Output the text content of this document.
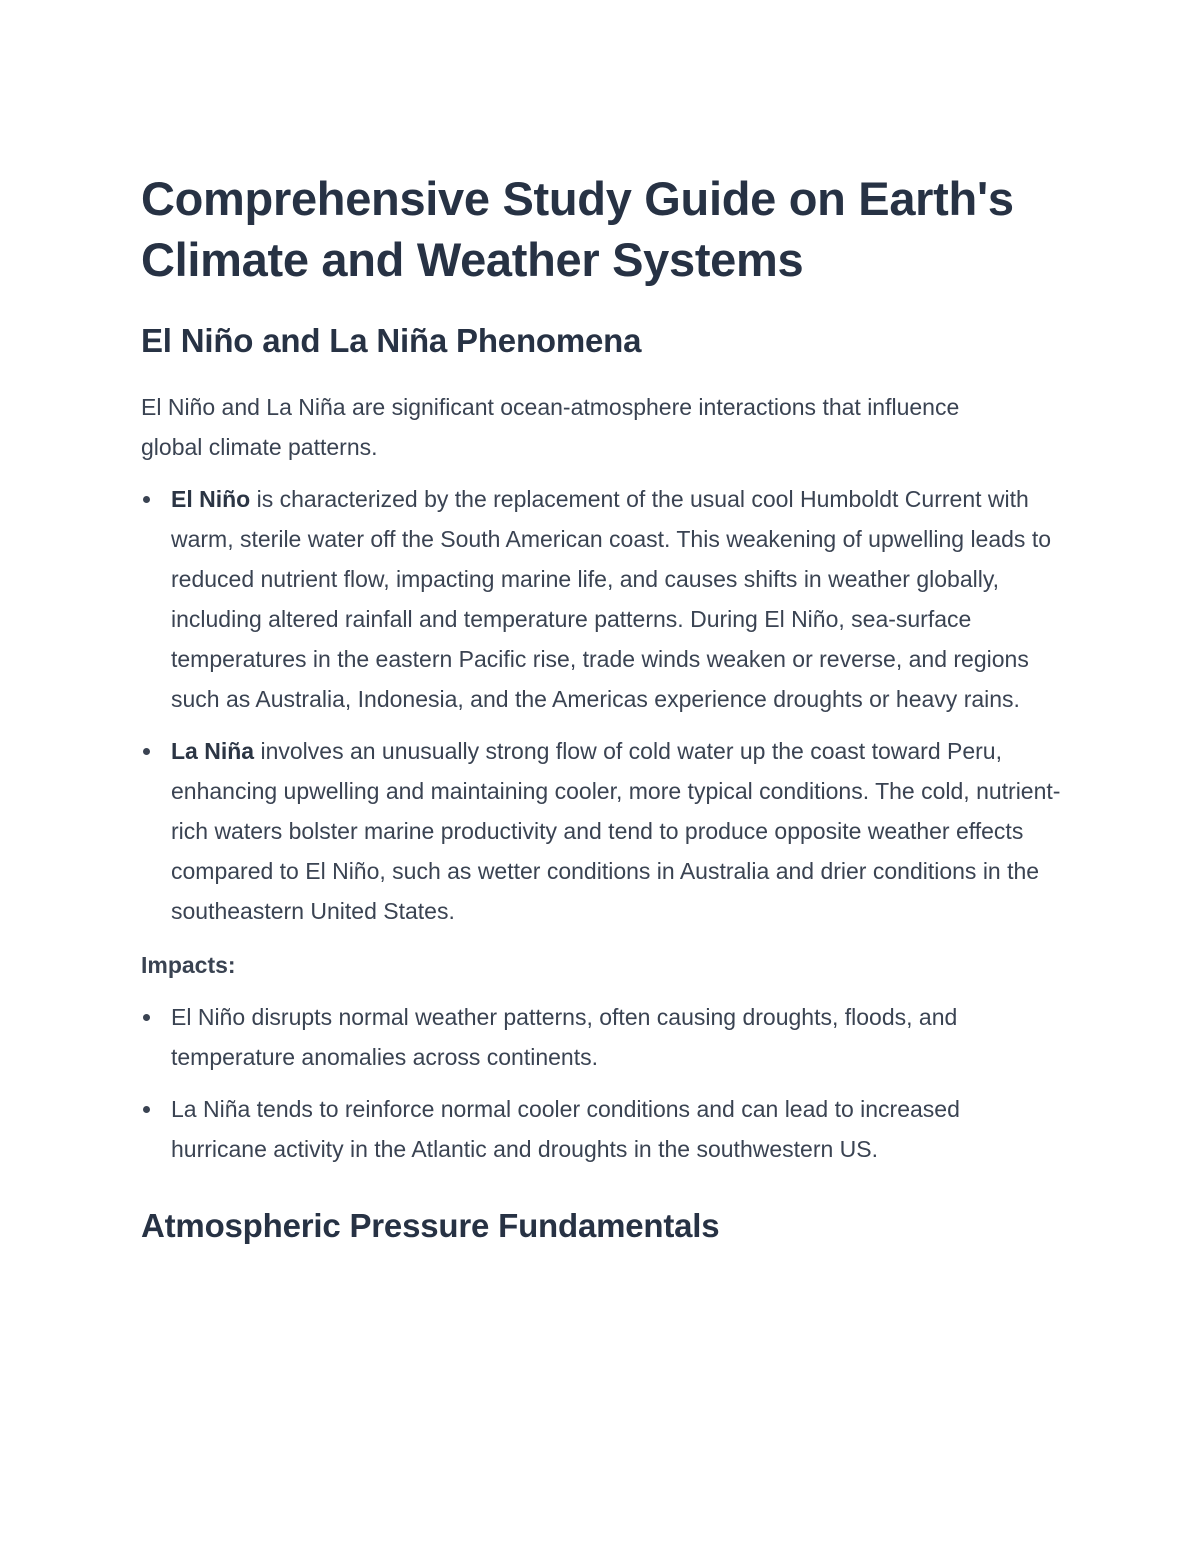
Comprehensive Study Guide on Earth's Climate and Weather Systems
El Niño and La Niña Phenomena

El Niño and La Niña are significant ocean-atmosphere interactions that influence global climate patterns.

El Niño is characterized by the replacement of the usual cool Humboldt Current with warm, sterile water off the South American coast. This weakening of upwelling leads to reduced nutrient flow, impacting marine life, and causes shifts in weather globally, including altered rainfall and temperature patterns. During El Niño, sea-surface temperatures in the eastern Pacific rise, trade winds weaken or reverse, and regions such as Australia, Indonesia, and the Americas experience droughts or heavy rains.
La Niña involves an unusually strong flow of cold water up the coast toward Peru, enhancing upwelling and maintaining cooler, more typical conditions. The cold, nutrient-rich waters bolster marine productivity and tend to produce opposite weather effects compared to El Niño, such as wetter conditions in Australia and drier conditions in the southeastern United States.
Impacts:
El Niño disrupts normal weather patterns, often causing droughts, floods, and temperature anomalies across continents.
La Niña tends to reinforce normal cooler conditions and can lead to increased hurricane activity in the Atlantic and droughts in the southwestern US.
Atmospheric Pressure Fundamentals
